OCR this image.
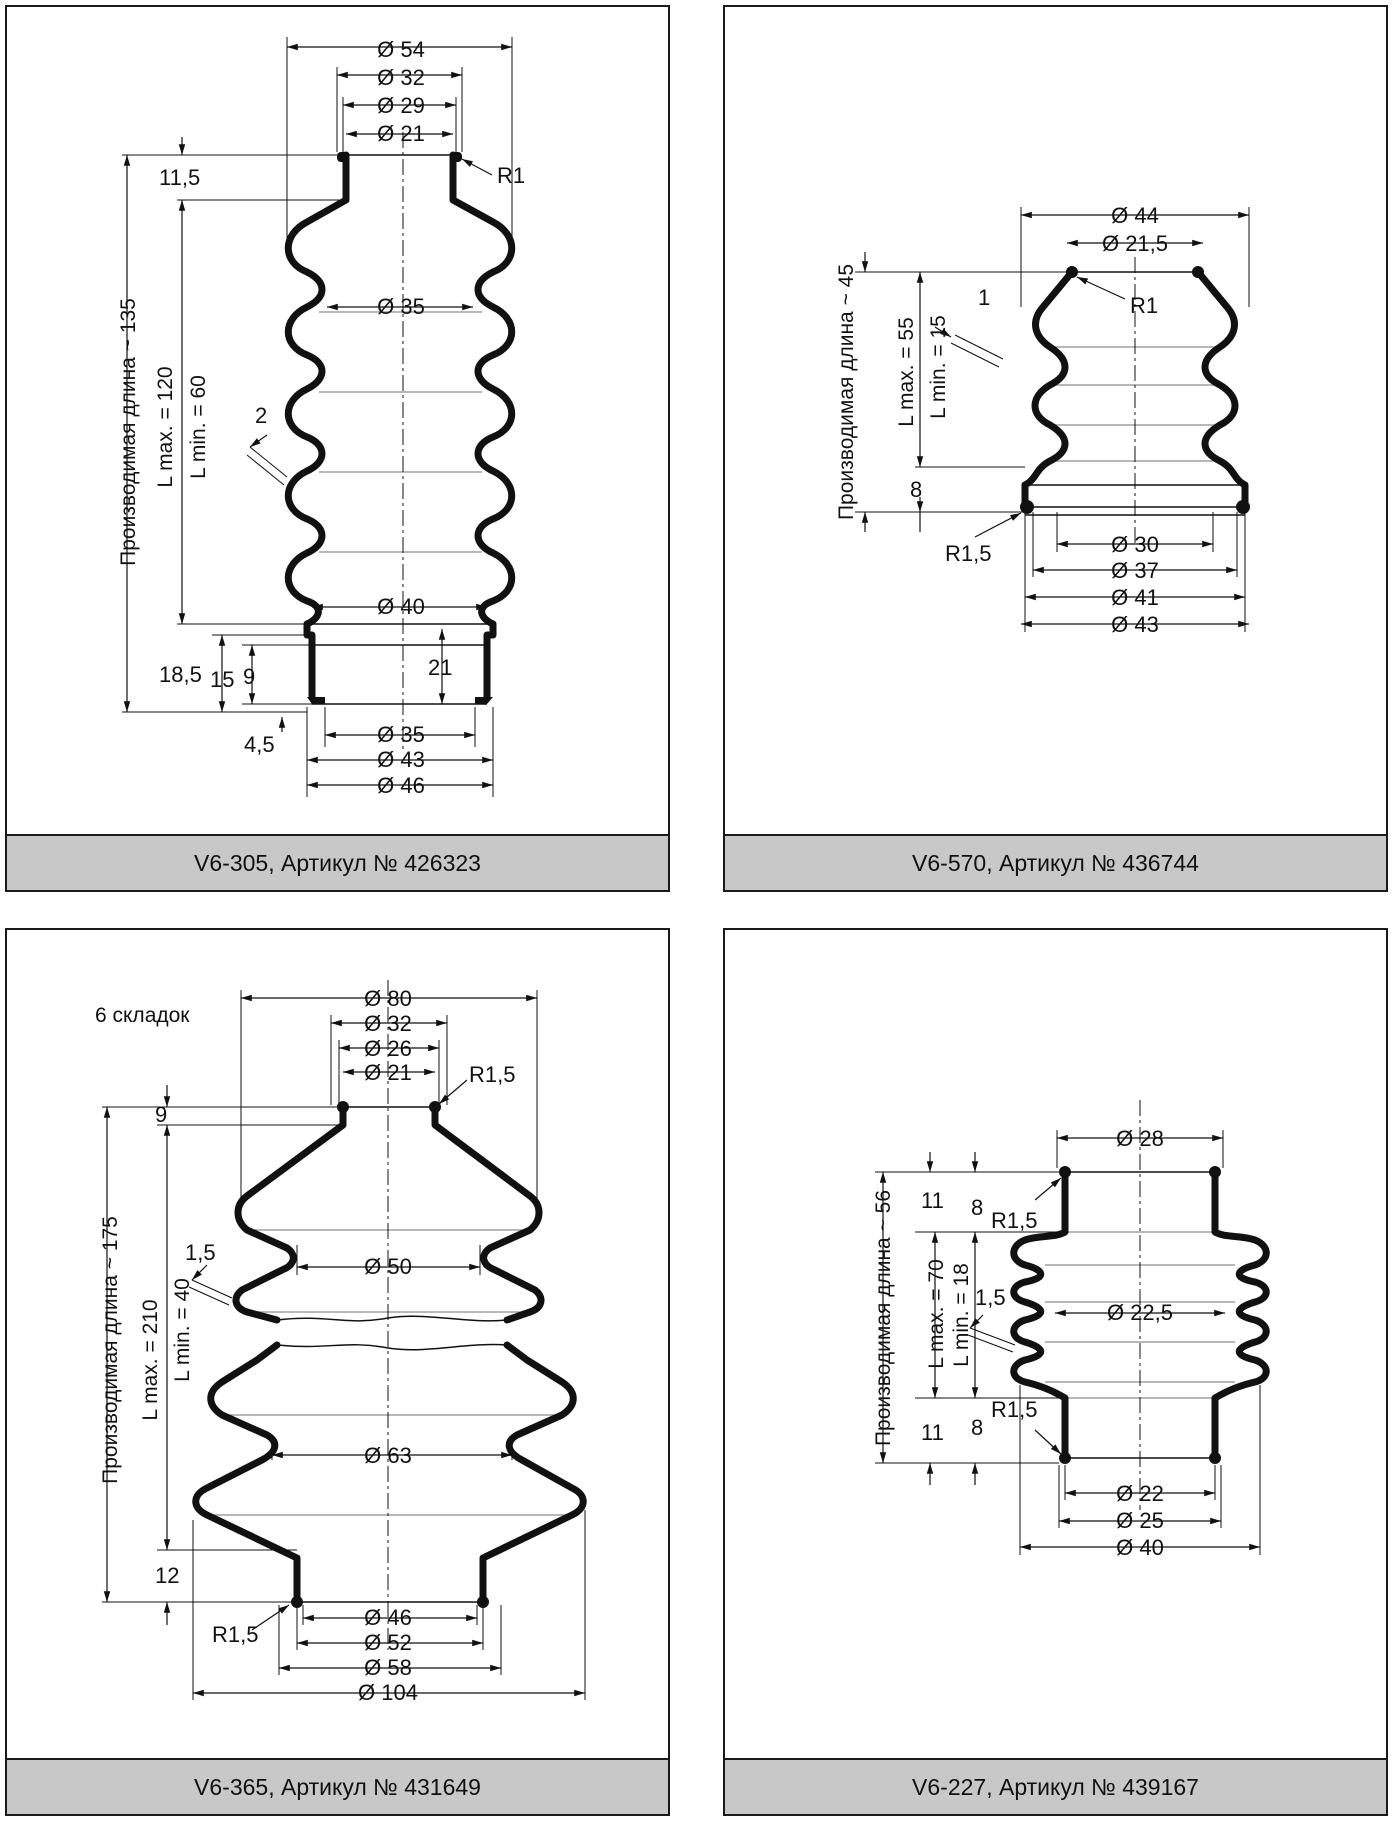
Ø 54
Ø 32
Ø 29
Ø 21
R1
11,5
Ø 35
2
L max. = 120 L min. = 60
Производимая длина ~ 135
Ø 40
18,5 15 9	21
4,5	Ø 35
Ø 43
Ø 46
V6-305, Артикул № 426323
Ø 44
Ø 21,5
R1
1
Производимая длина ~ 45 L max. = 55 L min. = 15
8
R1,5	Ø 30
Ø 37
Ø 41
Ø 43
V6-570, Артикул № 436744
6 складок
Ø 80
Ø 32
Ø 26
Ø 21	R1,5
9
1,5
Ø 50
Ø 63
Производимая длина ~ 175 L max. = 210 L min. = 40
12
R1,5
Ø 46
Ø 52
Ø 58
Ø 104
V6-365, Артикул № 431649
Ø 28
11 8
R1,5
1,5
Ø 22,5
Производимая длина ~ 56 L max. = 70 L min. = 18
11 8
R1,5
Ø 22
Ø 25
Ø 40
V6-227, Артикул № 439167
